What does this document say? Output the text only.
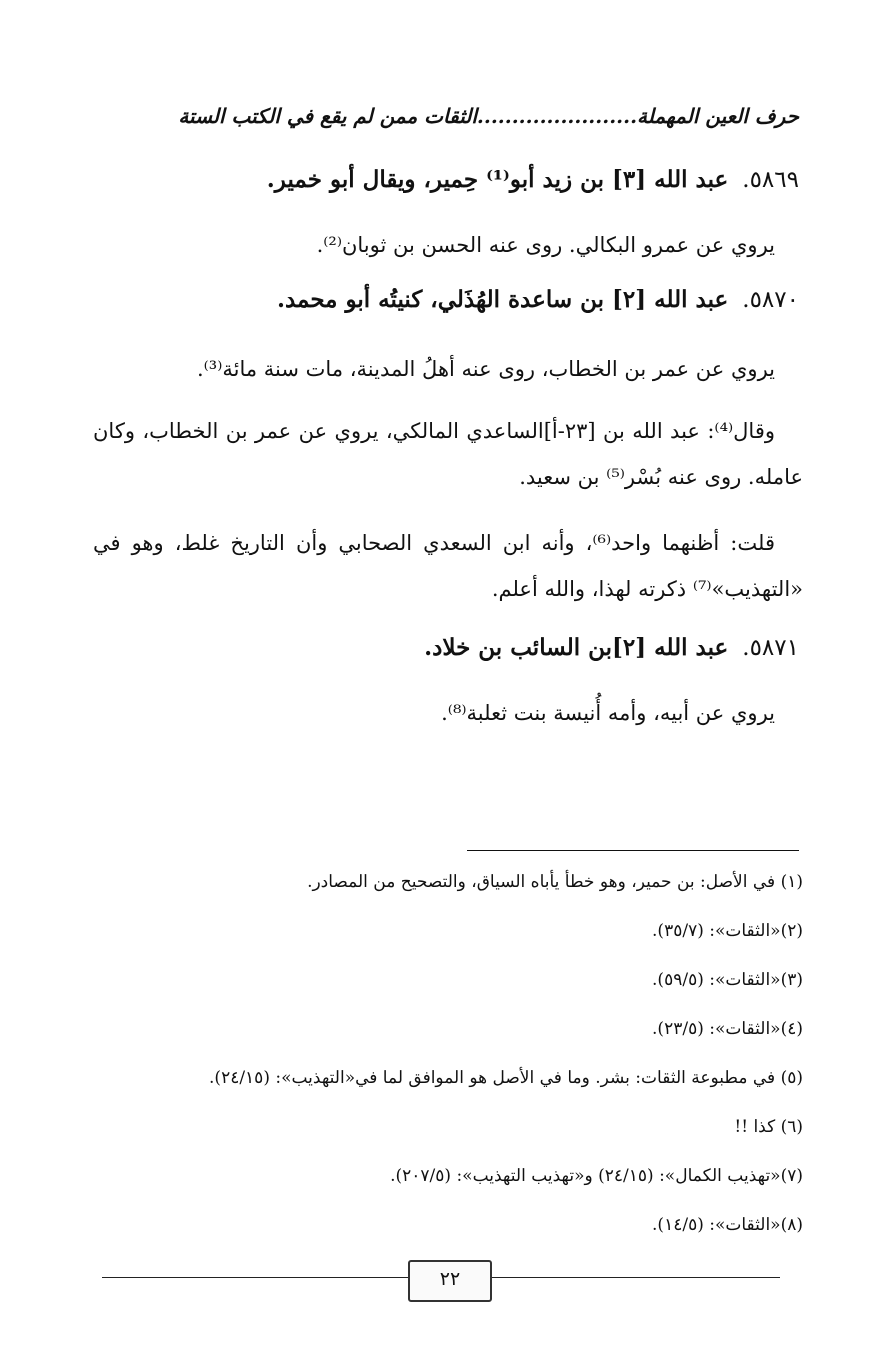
حرف العين المهملة.......................الثقات ممن لم يقع في الكتب الستة
٥٨٦٩.عبد الله [٣] بن زيد أبو⁽¹⁾ حِمير، ويقال أبو خمير.
يروي عن عمرو البكالي. روى عنه الحسن بن ثوبان⁽²⁾.
٥٨٧٠.عبد الله [٢] بن ساعدة الهُذَلي، كنيتُه أبو محمد.
يروي عن عمر بن الخطاب، روى عنه أهلُ المدينة، مات سنة مائة⁽³⁾.
وقال⁽⁴⁾: عبد الله بن [٢٣-أ]الساعدي المالكي، يروي عن عمر بن الخطاب، وكان عامله. روى عنه بُسْر⁽⁵⁾ بن سعيد.
قلت: أظنهما واحد⁽⁶⁾، وأنه ابن السعدي الصحابي وأن التاريخ غلط، وهو في «التهذيب»⁽⁷⁾ ذكرته لهذا، والله أعلم.
٥٨٧١.عبد الله [٢]بن السائب بن خلاد.
يروي عن أبيه، وأمه أُنيسة بنت ثعلبة⁽⁸⁾.
(١) في الأصل: بن حمير، وهو خطأ يأباه السياق، والتصحيح من المصادر.
(٢)«الثقات»: (٣٥/٧).
(٣)«الثقات»: (٥٩/٥).
(٤)«الثقات»: (٢٣/٥).
(٥) في مطبوعة الثقات: بشر. وما في الأصل هو الموافق لما في«التهذيب»: (٢٤/١٥).
(٦) كذا !!
(٧)«تهذيب الكمال»: (٢٤/١٥) و«تهذيب التهذيب»: (٢٠٧/٥).
(٨)«الثقات»: (١٤/٥).
٢٢
